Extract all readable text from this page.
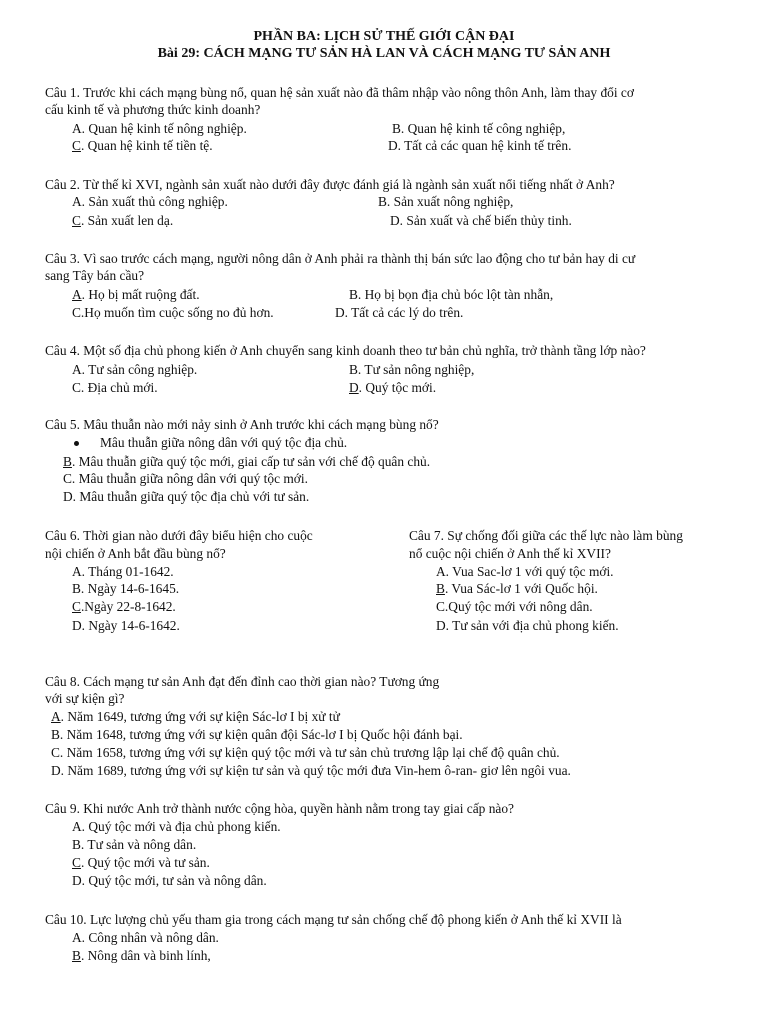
PHẦN BA: LỊCH SỬ THẾ GIỚI CẬN ĐẠI
Bài 29: CÁCH MẠNG TƯ SẢN HÀ LAN VÀ CÁCH MẠNG TƯ SẢN ANH
Câu 1. Trước khi cách mạng bùng nổ, quan hệ sản xuất nào đã thâm nhập vào nông thôn Anh, làm thay đổi cơ
cấu kinh tế và phương thức kinh doanh?
A. Quan hệ kinh tế nông nghiệp.	B. Quan hệ kinh tế công nghiệp,
C. Quan hệ kinh tế tiền tệ.	D. Tất cả các quan hệ kinh tế trên.
Câu 2. Từ thế kỉ XVI, ngành sản xuất nào dưới đây được đánh giá là ngành sản xuất nổi tiếng nhất ở Anh?
A. Sản xuất thủ công nghiệp.	B. Sản xuất nông nghiệp,
C. Sản xuất len dạ.	D. Sản xuất và chế biến thủy tinh.
Câu 3. Vì sao trước cách mạng, người nông dân ở Anh phải ra thành thị bán sức lao động cho tư bản hay di cư
sang Tây bán cầu?
A. Họ bị mất ruộng đất.	B. Họ bị bọn địa chủ bóc lột tàn nhẫn,
C.Họ muốn tìm cuộc sống no đủ hơn.	D. Tất cả các lý do trên.
Câu 4. Một số địa chủ phong kiến ở Anh chuyển sang kinh doanh theo tư bản chủ nghĩa, trở thành tầng lớp nào?
A. Tư sản công nghiệp.	B. Tư sản nông nghiệp,
C. Địa chủ mới.	D. Quý tộc mới.
Câu 5. Mâu thuẫn nào mới nảy sinh ở Anh trước khi cách mạng bùng nổ?
Mâu thuẫn giữa nông dân với quý tộc địa chủ.
B. Mâu thuẫn giữa quý tộc mới, giai cấp tư sản với chế độ quân chủ.
C. Mâu thuẫn giữa nông dân với quý tộc mới.
D. Mâu thuẫn giữa quý tộc địa chủ với tư sản.
Câu 6. Thời gian nào dưới đây biểu hiện cho cuộc
nội chiến ở Anh bắt đầu bùng nổ?
A. Tháng 01-1642.
B. Ngày 14-6-1645.
C.Ngày 22-8-1642.
D. Ngày 14-6-1642.
Câu 7. Sự chống đối giữa các thế lực nào làm bùng
nổ cuộc nội chiến ở Anh thế kỉ XVII?
A. Vua Sac-lơ 1 với quý tộc mới.
B. Vua Sác-lơ 1 với Quốc hội.
C.Quý tộc mới với nông dân.
D. Tư sản với địa chủ phong kiến.
Câu 8. Cách mạng tư sản Anh đạt đến đỉnh cao thời gian nào? Tương ứng
với sự kiện gì?
A. Năm 1649, tương ứng với sự kiện Sác-lơ I bị xử tử
B. Năm 1648, tương ứng với sự kiện quân đội Sác-lơ I bị Quốc hội đánh bại.
C. Năm 1658, tương ứng với sự kiện quý tộc mới và tư sản chủ trương lập lại chế độ quân chủ.
D. Năm 1689, tương ứng với sự kiện tư sản và quý tộc mới đưa Vin-hem ô-ran- giơ lên ngôi vua.
Câu 9. Khi nước Anh trở thành nước cộng hòa, quyền hành nằm trong tay giai cấp nào?
A. Quý tộc mới và địa chủ phong kiến.
B. Tư sản và nông dân.
C. Quý tộc mới và tư sản.
D. Quý tộc mới, tư sản và nông dân.
Câu 10. Lực lượng chủ yếu tham gia trong cách mạng tư sản chống chế độ phong kiến ở Anh thế kỉ XVII là
A. Công nhân và nông dân.
B. Nông dân và binh lính,
